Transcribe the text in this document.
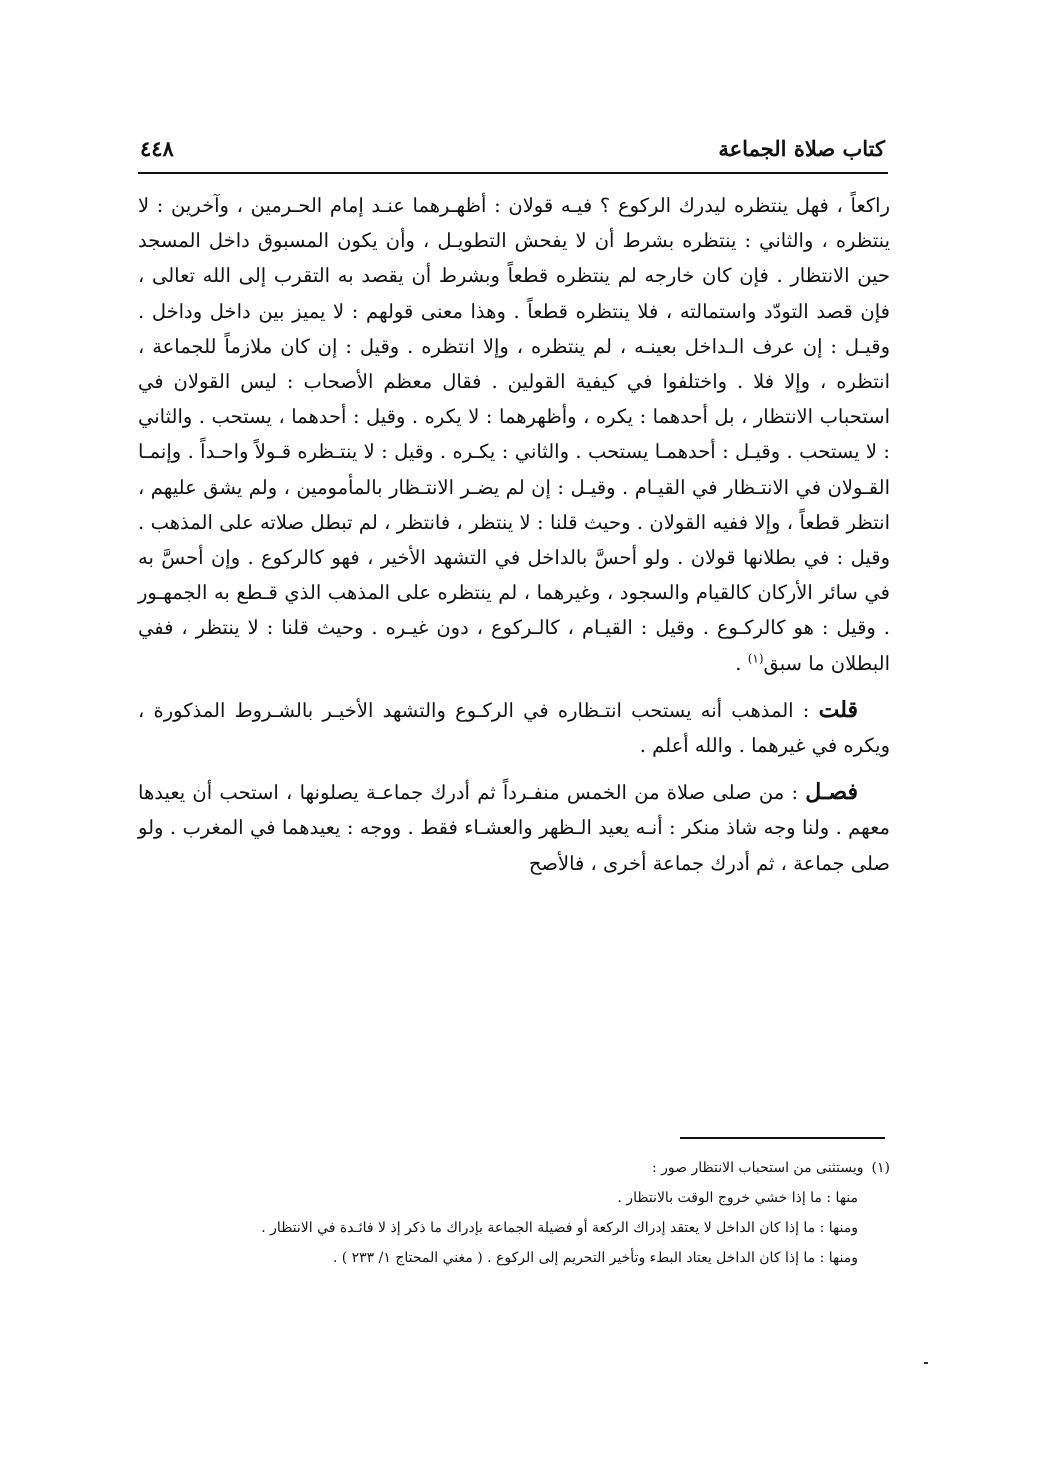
كتاب صلاة الجماعة
٤٤٨

راكعاً ، فهل ينتظره ليدرك الركوع ؟ فيـه قولان : أظهـرهما عنـد إمام الحـرمين ، وآخرين : لا ينتظره ، والثاني : ينتظره بشرط أن لا يفحش التطويـل ، وأن يكون المسبوق داخل المسجد حين الانتظار . فإن كان خارجه لم ينتظره قطعاً وبشرط أن يقصد به التقرب إلى الله تعالى ، فإن قصد التودّد واستمالته ، فلا ينتظره قطعاً . وهذا معنى قولهم : لا يميز بين داخل وداخل . وقيـل : إن عرف الـداخل بعينـه ، لم ينتظره ، وإلا انتظره . وقيل : إن كان ملازماً للجماعة ، انتظره ، وإلا فلا . واختلفوا في كيفية القولين . فقال معظم الأصحاب : ليس القولان في استحباب الانتظار ، بل أحدهما : يكره ، وأظهرهما : لا يكره . وقيل : أحدهما ، يستحب . والثاني : لا يستحب . وقيـل : أحدهمـا يستحب . والثاني : يكـره . وقيل : لا ينتـظره قـولاً واحـداً . وإنمـا القـولان في الانتـظار في القيـام . وقيـل : إن لم يضـر الانتـظار بالمأمومين ، ولم يشق عليهم ، انتظر قطعاً ، وإلا ففيه القولان . وحيث قلنا : لا ينتظر ، فانتظر ، لم تبطل صلاته على المذهب . وقيل : في بطلانها قولان . ولو أحسَّ بالداخل في التشهد الأخير ، فهو كالركوع . وإن أحسَّ به في سائر الأركان كالقيام والسجود ، وغيرهما ، لم ينتظره على المذهب الذي قـطع به الجمهـور . وقيل : هو كالركـوع . وقيل : القيـام ، كالـركوع ، دون غيـره . وحيث قلنا : لا ينتظر ، ففي البطلان ما سبق$^{(١)}$ .

قلت : المذهب أنه يستحب انتـظاره في الركـوع والتشهد الأخيـر بالشـروط المذكورة ، ويكره في غيرهما . والله أعلم .

فصـل : من صلى صلاة من الخمس منفـرداً ثم أدرك جماعـة يصلونها ، استحب أن يعيدها معهم . ولنا وجه شاذ منكر : أنـه يعيد الـظهر والعشـاء فقط . ووجه : يعيدهما في المغرب . ولو صلى جماعة ، ثم أدرك جماعة أخرى ، فالأصح

(١)ويستثنى من استحباب الانتظار صور :

منها : ما إذا خشي خروج الوقت بالانتظار .

ومنها : ما إذا كان الداخل لا يعتقد إدراك الركعة أو فضيلة الجماعة بإدراك ما ذكر إذ لا فائـدة في الانتظار .

ومنها : ما إذا كان الداخل يعتاد البطء وتأخير التحريم إلى الركوع . ( مغني المحتاج ١/ ٢٣٣ ) .
